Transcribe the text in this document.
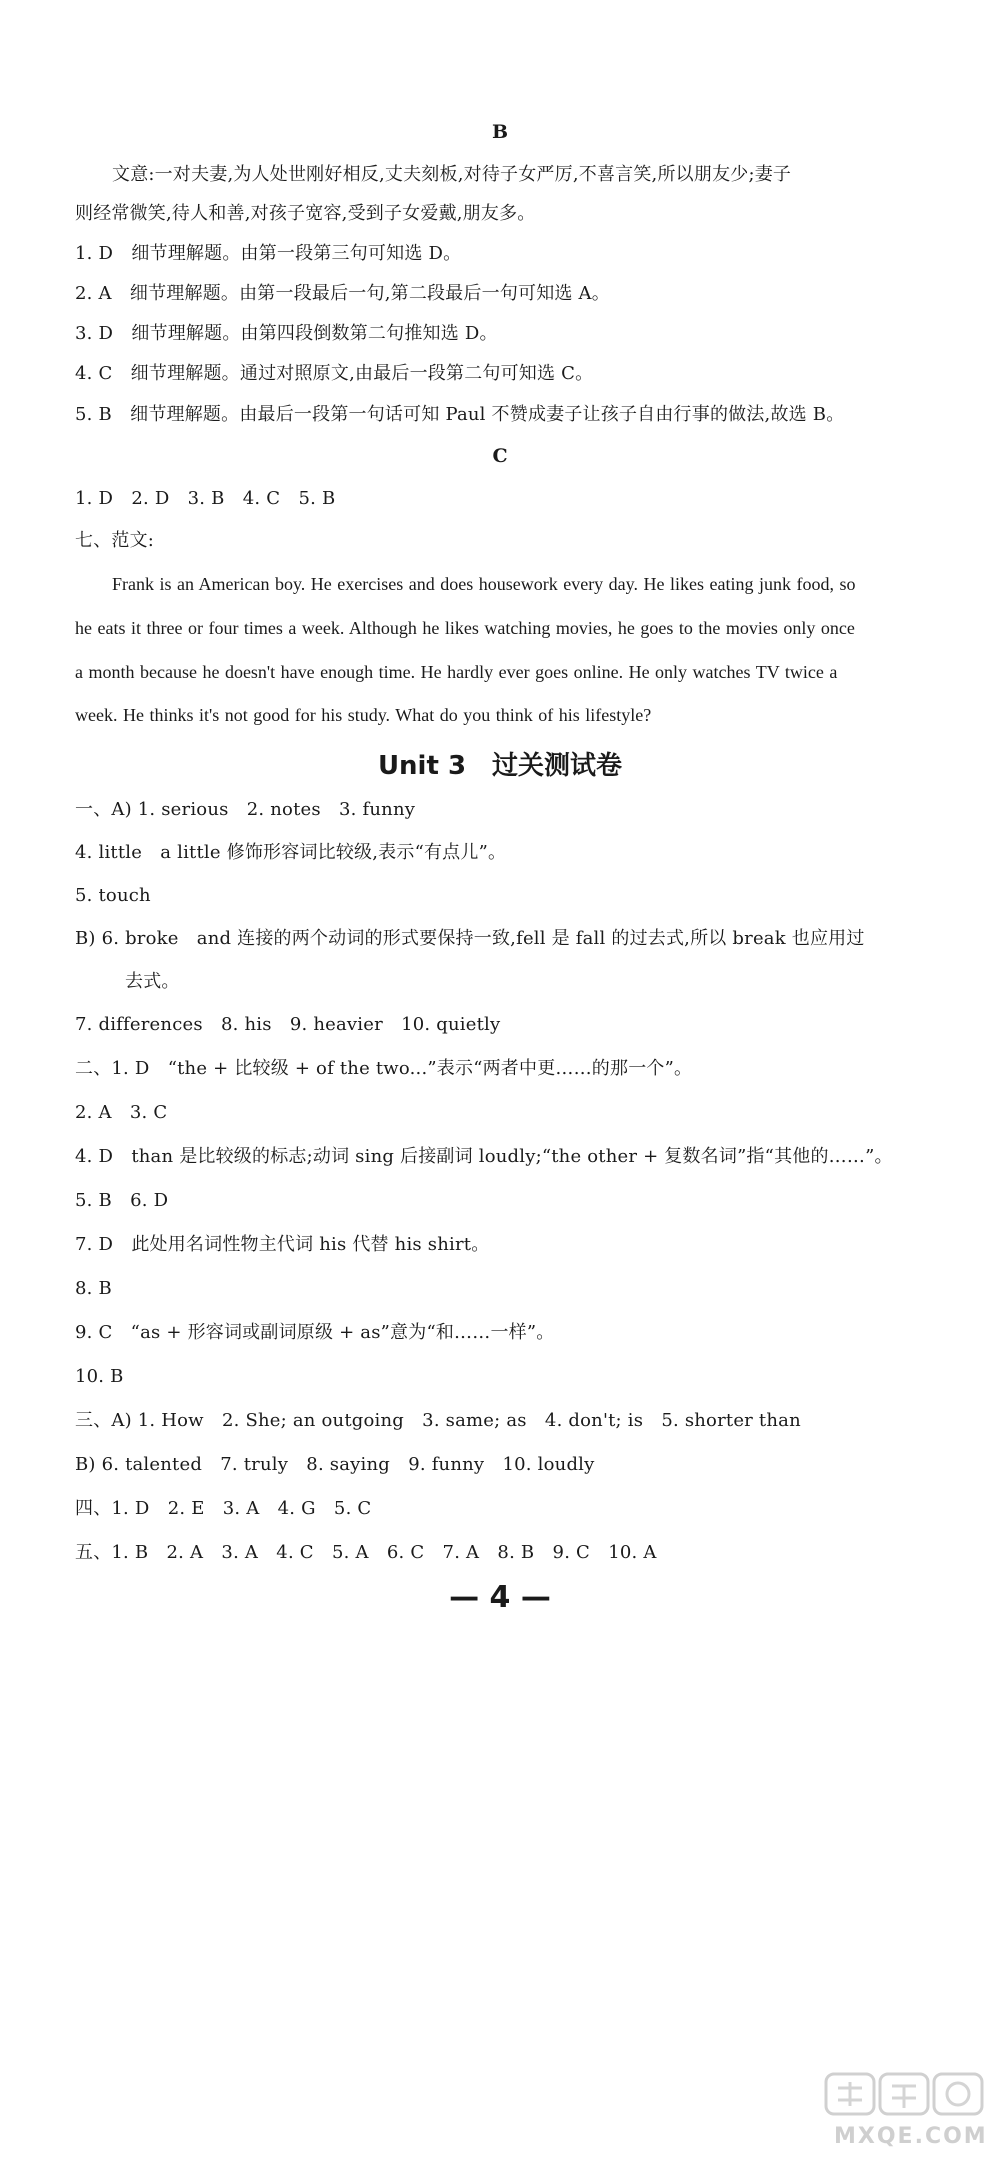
B
文意:一对夫妻,为人处世刚好相反,丈夫刻板,对待子女严厉,不喜言笑,所以朋友少;妻子
则经常微笑,待人和善,对孩子宽容,受到子女爱戴,朋友多。
1. D　细节理解题。由第一段第三句可知选 D。
2. A　细节理解题。由第一段最后一句,第二段最后一句可知选 A。
3. D　细节理解题。由第四段倒数第二句推知选 D。
4. C　细节理解题。通过对照原文,由最后一段第二句可知选 C。
5. B　细节理解题。由最后一段第一句话可知 Paul 不赞成妻子让孩子自由行事的做法,故选 B。
C
1. D　2. D　3. B　4. C　5. B
七、范文:
Frank is an American boy. He exercises and does housework every day. He likes eating junk food, so
he eats it three or four times a week. Although he likes watching movies, he goes to the movies only once
a month because he doesn't have enough time. He hardly ever goes online. He only watches TV twice a
week. He thinks it's not good for his study. What do you think of his lifestyle?
Unit 3　过关测试卷
一、A) 1. serious　2. notes　3. funny
4. little　a little 修饰形容词比较级,表示“有点儿”。
5. touch
B) 6. broke　and 连接的两个动词的形式要保持一致,fell 是 fall 的过去式,所以 break 也应用过
去式。
7. differences　8. his　9. heavier　10. quietly
二、1. D　“the + 比较级 + of the two...”表示“两者中更……的那一个”。
2. A　3. C
4. D　than 是比较级的标志;动词 sing 后接副词 loudly;“the other + 复数名词”指“其他的……”。
5. B　6. D
7. D　此处用名词性物主代词 his 代替 his shirt。
8. B
9. C　“as + 形容词或副词原级 + as”意为“和……一样”。
10. B
三、A) 1. How　2. She; an outgoing　3. same; as　4. don't; is　5. shorter than
B) 6. talented　7. truly　8. saying　9. funny　10. loudly
四、1. D　2. E　3. A　4. G　5. C
五、1. B　2. A　3. A　4. C　5. A　6. C　7. A　8. B　9. C　10. A
— 4 —
MXQE.COM
